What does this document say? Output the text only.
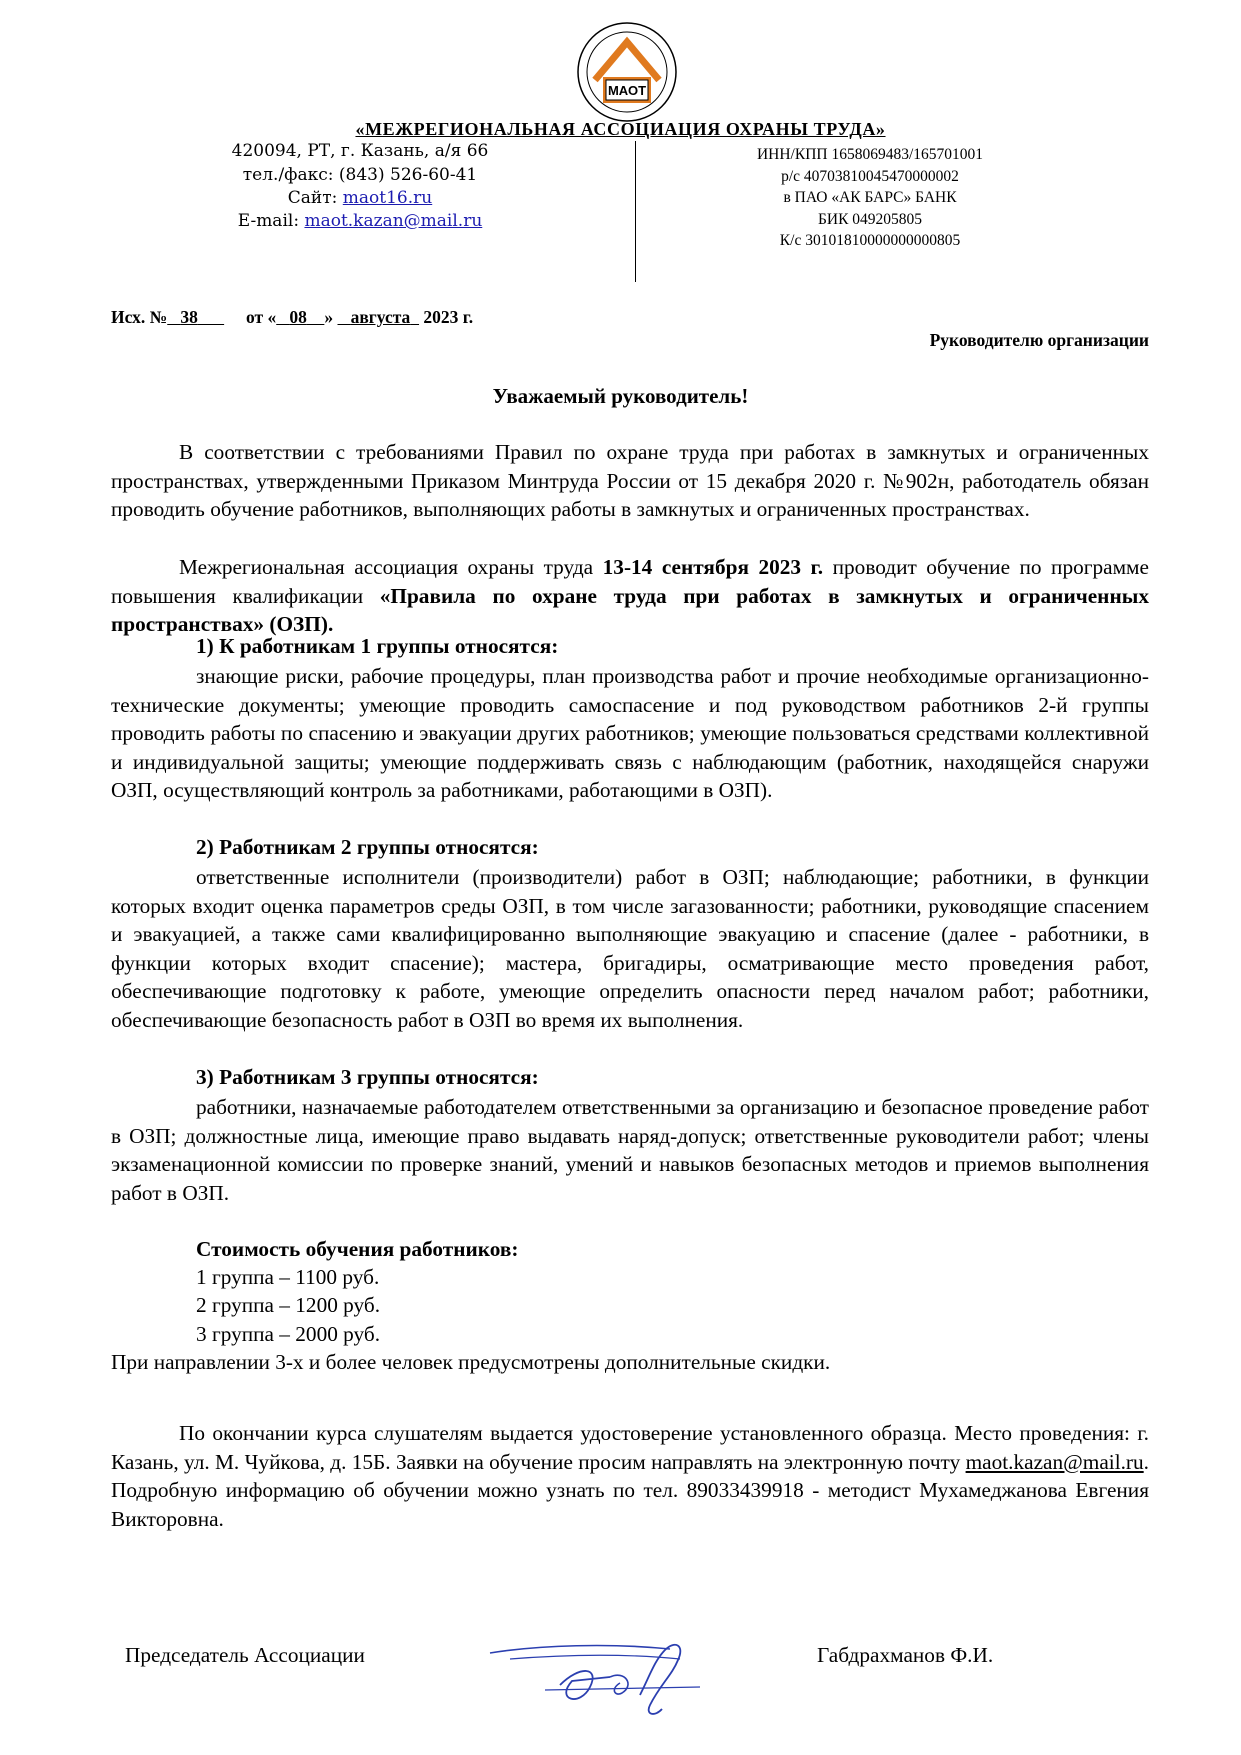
МАОТ
«МЕЖРЕГИОНАЛЬНАЯ АССОЦИАЦИЯ ОХРАНЫ ТРУДА»
420094, РТ, г. Казань, а/я 66
тел./факс: (843) 526-60-41
Сайт: maot16.ru
E-mail: maot.kazan@mail.ru
ИНН/КПП 1658069483/165701001
р/с 40703810045470000002
в ПАО «АК БАРС» БАНК
БИК 049205805
К/с 30101810000000000805
Исх. № 38	от « 08 » августа 2023 г.
Руководителю организации
Уважаемый руководитель!
В соответствии с требованиями Правил по охране труда при работах в замкнутых и ограниченных пространствах, утвержденными Приказом Минтруда России от 15 декабря 2020 г. №902н, работодатель обязан проводить обучение работников, выполняющих работы в замкнутых и ограниченных пространствах.
Межрегиональная ассоциация охраны труда 13-14 сентября 2023 г. проводит обучение по программе повышения квалификации «Правила по охране труда при работах в замкнутых и ограниченных пространствах» (ОЗП).
1) К работникам 1 группы относятся:
знающие риски, рабочие процедуры, план производства работ и прочие необходимые организационно-технические документы; умеющие проводить самоспасение и под руководством работников 2-й группы проводить работы по спасению и эвакуации других работников; умеющие пользоваться средствами коллективной и индивидуальной защиты; умеющие поддерживать связь с наблюдающим (работник, находящейся снаружи ОЗП, осуществляющий контроль за работниками, работающими в ОЗП).
2) Работникам 2 группы относятся:
ответственные исполнители (производители) работ в ОЗП; наблюдающие; работники, в функции которых входит оценка параметров среды ОЗП, в том числе загазованности; работники, руководящие спасением и эвакуацией, а также сами квалифицированно выполняющие эвакуацию и спасение (далее - работники, в функции которых входит спасение); мастера, бригадиры, осматривающие место проведения работ, обеспечивающие подготовку к работе, умеющие определить опасности перед началом работ; работники, обеспечивающие безопасность работ в ОЗП во время их выполнения.
3) Работникам 3 группы относятся:
работники, назначаемые работодателем ответственными за организацию и безопасное проведение работ в ОЗП; должностные лица, имеющие право выдавать наряд-допуск; ответственные руководители работ; члены экзаменационной комиссии по проверке знаний, умений и навыков безопасных методов и приемов выполнения работ в ОЗП.
Стоимость обучения работников:
1 группа – 1100 руб.
2 группа – 1200 руб.
3 группа – 2000 руб.
При направлении 3-х и более человек предусмотрены дополнительные скидки.
По окончании курса слушателям выдается удостоверение установленного образца. Место проведения: г. Казань, ул. М. Чуйкова, д. 15Б. Заявки на обучение просим направлять на электронную почту maot.kazan@mail.ru. Подробную информацию об обучении можно узнать по тел. 89033439918 - методист Мухамеджанова Евгения Викторовна.
Председатель Ассоциации	Габдрахманов Ф.И.
